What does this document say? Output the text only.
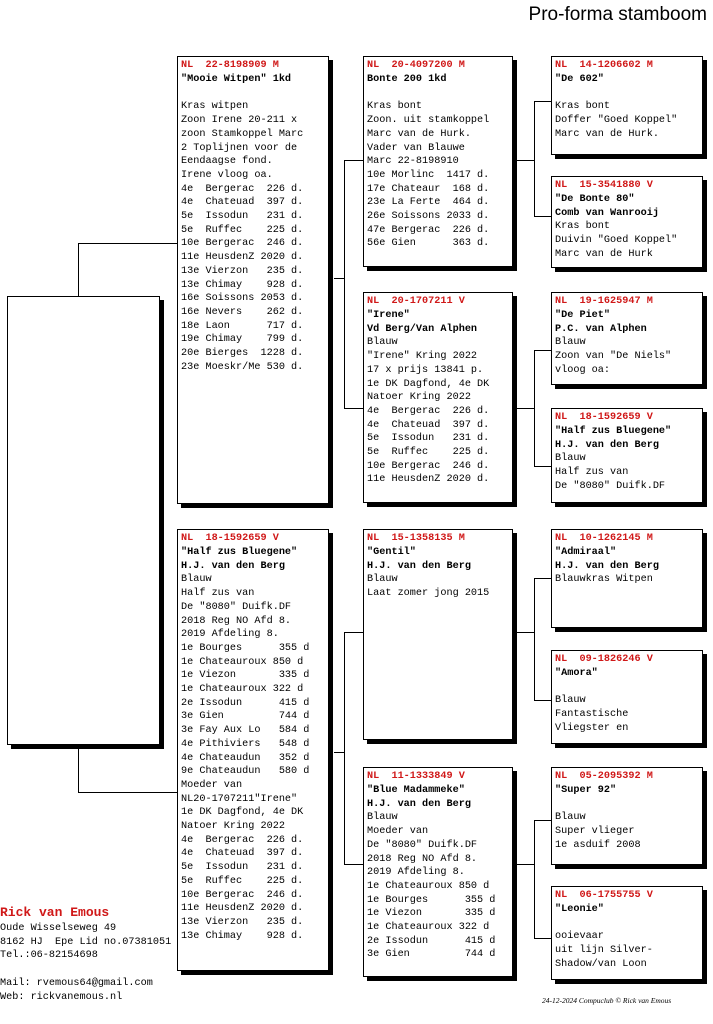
Pro-forma stamboom
NL  22-8198909 M
"Mooie Witpen" 1kd

Kras witpen
Zoon Irene 20-211 x
zoon Stamkoppel Marc
2 Toplijnen voor de
Eendaagse fond.
Irene vloog oa.
4e  Bergerac  226 d.
4e  Chateuad  397 d.
5e  Issodun   231 d.
5e  Ruffec    225 d.
10e Bergerac  246 d.
11e HeusdenZ 2020 d.
13e Vierzon   235 d.
13e Chimay    928 d.
16e Soissons 2053 d.
16e Nevers    262 d.
18e Laon      717 d.
19e Chimay    799 d.
20e Bierges  1228 d.
23e Moeskr/Me 530 d.
NL  18-1592659 V
"Half zus Bluegene"
H.J. van den Berg
Blauw
Half zus van
De "8080" Duifk.DF
2018 Reg NO Afd 8.
2019 Afdeling 8.
1e Bourges      355 d
1e Chateauroux 850 d
1e Viezon       335 d
1e Chateauroux 322 d
2e Issodun      415 d
3e Gien         744 d
3e Fay Aux Lo   584 d
4e Pithiviers   548 d
4e Chateaudun   352 d
9e Chateaudun   580 d
Moeder van
NL20-1707211"Irene"
1e DK Dagfond, 4e DK
Natoer Kring 2022
4e  Bergerac  226 d.
4e  Chateuad  397 d.
5e  Issodun   231 d.
5e  Ruffec    225 d.
10e Bergerac  246 d.
11e HeusdenZ 2020 d.
13e Vierzon   235 d.
13e Chimay    928 d.
NL  20-4097200 M
Bonte 200 1kd

Kras bont
Zoon. uit stamkoppel
Marc van de Hurk.
Vader van Blauwe
Marc 22-8198910
10e Morlinc  1417 d.
17e Chateaur  168 d.
23e La Ferte  464 d.
26e Soissons 2033 d.
47e Bergerac  226 d.
56e Gien      363 d.
NL  20-1707211 V
"Irene"
Vd Berg/Van Alphen
Blauw
"Irene" Kring 2022
17 x prijs 13841 p.
1e DK Dagfond, 4e DK
Natoer Kring 2022
4e  Bergerac  226 d.
4e  Chateuad  397 d.
5e  Issodun   231 d.
5e  Ruffec    225 d.
10e Bergerac  246 d.
11e HeusdenZ 2020 d.
NL  15-1358135 M
"Gentil"
H.J. van den Berg
Blauw
Laat zomer jong 2015
NL  11-1333849 V
"Blue Madammeke"
H.J. van den Berg
Blauw
Moeder van
De "8080" Duifk.DF
2018 Reg NO Afd 8.
2019 Afdeling 8.
1e Chateauroux 850 d
1e Bourges      355 d
1e Viezon       335 d
1e Chateauroux 322 d
2e Issodun      415 d
3e Gien         744 d
NL  14-1206602 M
"De 602"

Kras bont
Doffer "Goed Koppel"
Marc van de Hurk.
NL  15-3541880 V
"De Bonte 80"
Comb van Wanrooij
Kras bont
Duivin "Goed Koppel"
Marc van de Hurk
NL  19-1625947 M
"De Piet"
P.C. van Alphen
Blauw
Zoon van "De Niels"
vloog oa:
NL  18-1592659 V
"Half zus Bluegene"
H.J. van den Berg
Blauw
Half zus van
De "8080" Duifk.DF
NL  10-1262145 M
"Admiraal"
H.J. van den Berg
Blauwkras Witpen
NL  09-1826246 V
"Amora"

Blauw
Fantastische
Vliegster en
NL  05-2095392 M
"Super 92"

Blauw
Super vlieger
1e asduif 2008
NL  06-1755755 V
"Leonie"

ooievaar
uit lijn Silver-
Shadow/van Loon
Rick van Emous
Oude Wisselseweg 49
8162 HJ  Epe Lid no.07381051
Tel.:06-82154698
Mail: rvemous64@gmail.com
Web: rickvanemous.nl	24-12-2024 Compuclub © Rick van Emous
